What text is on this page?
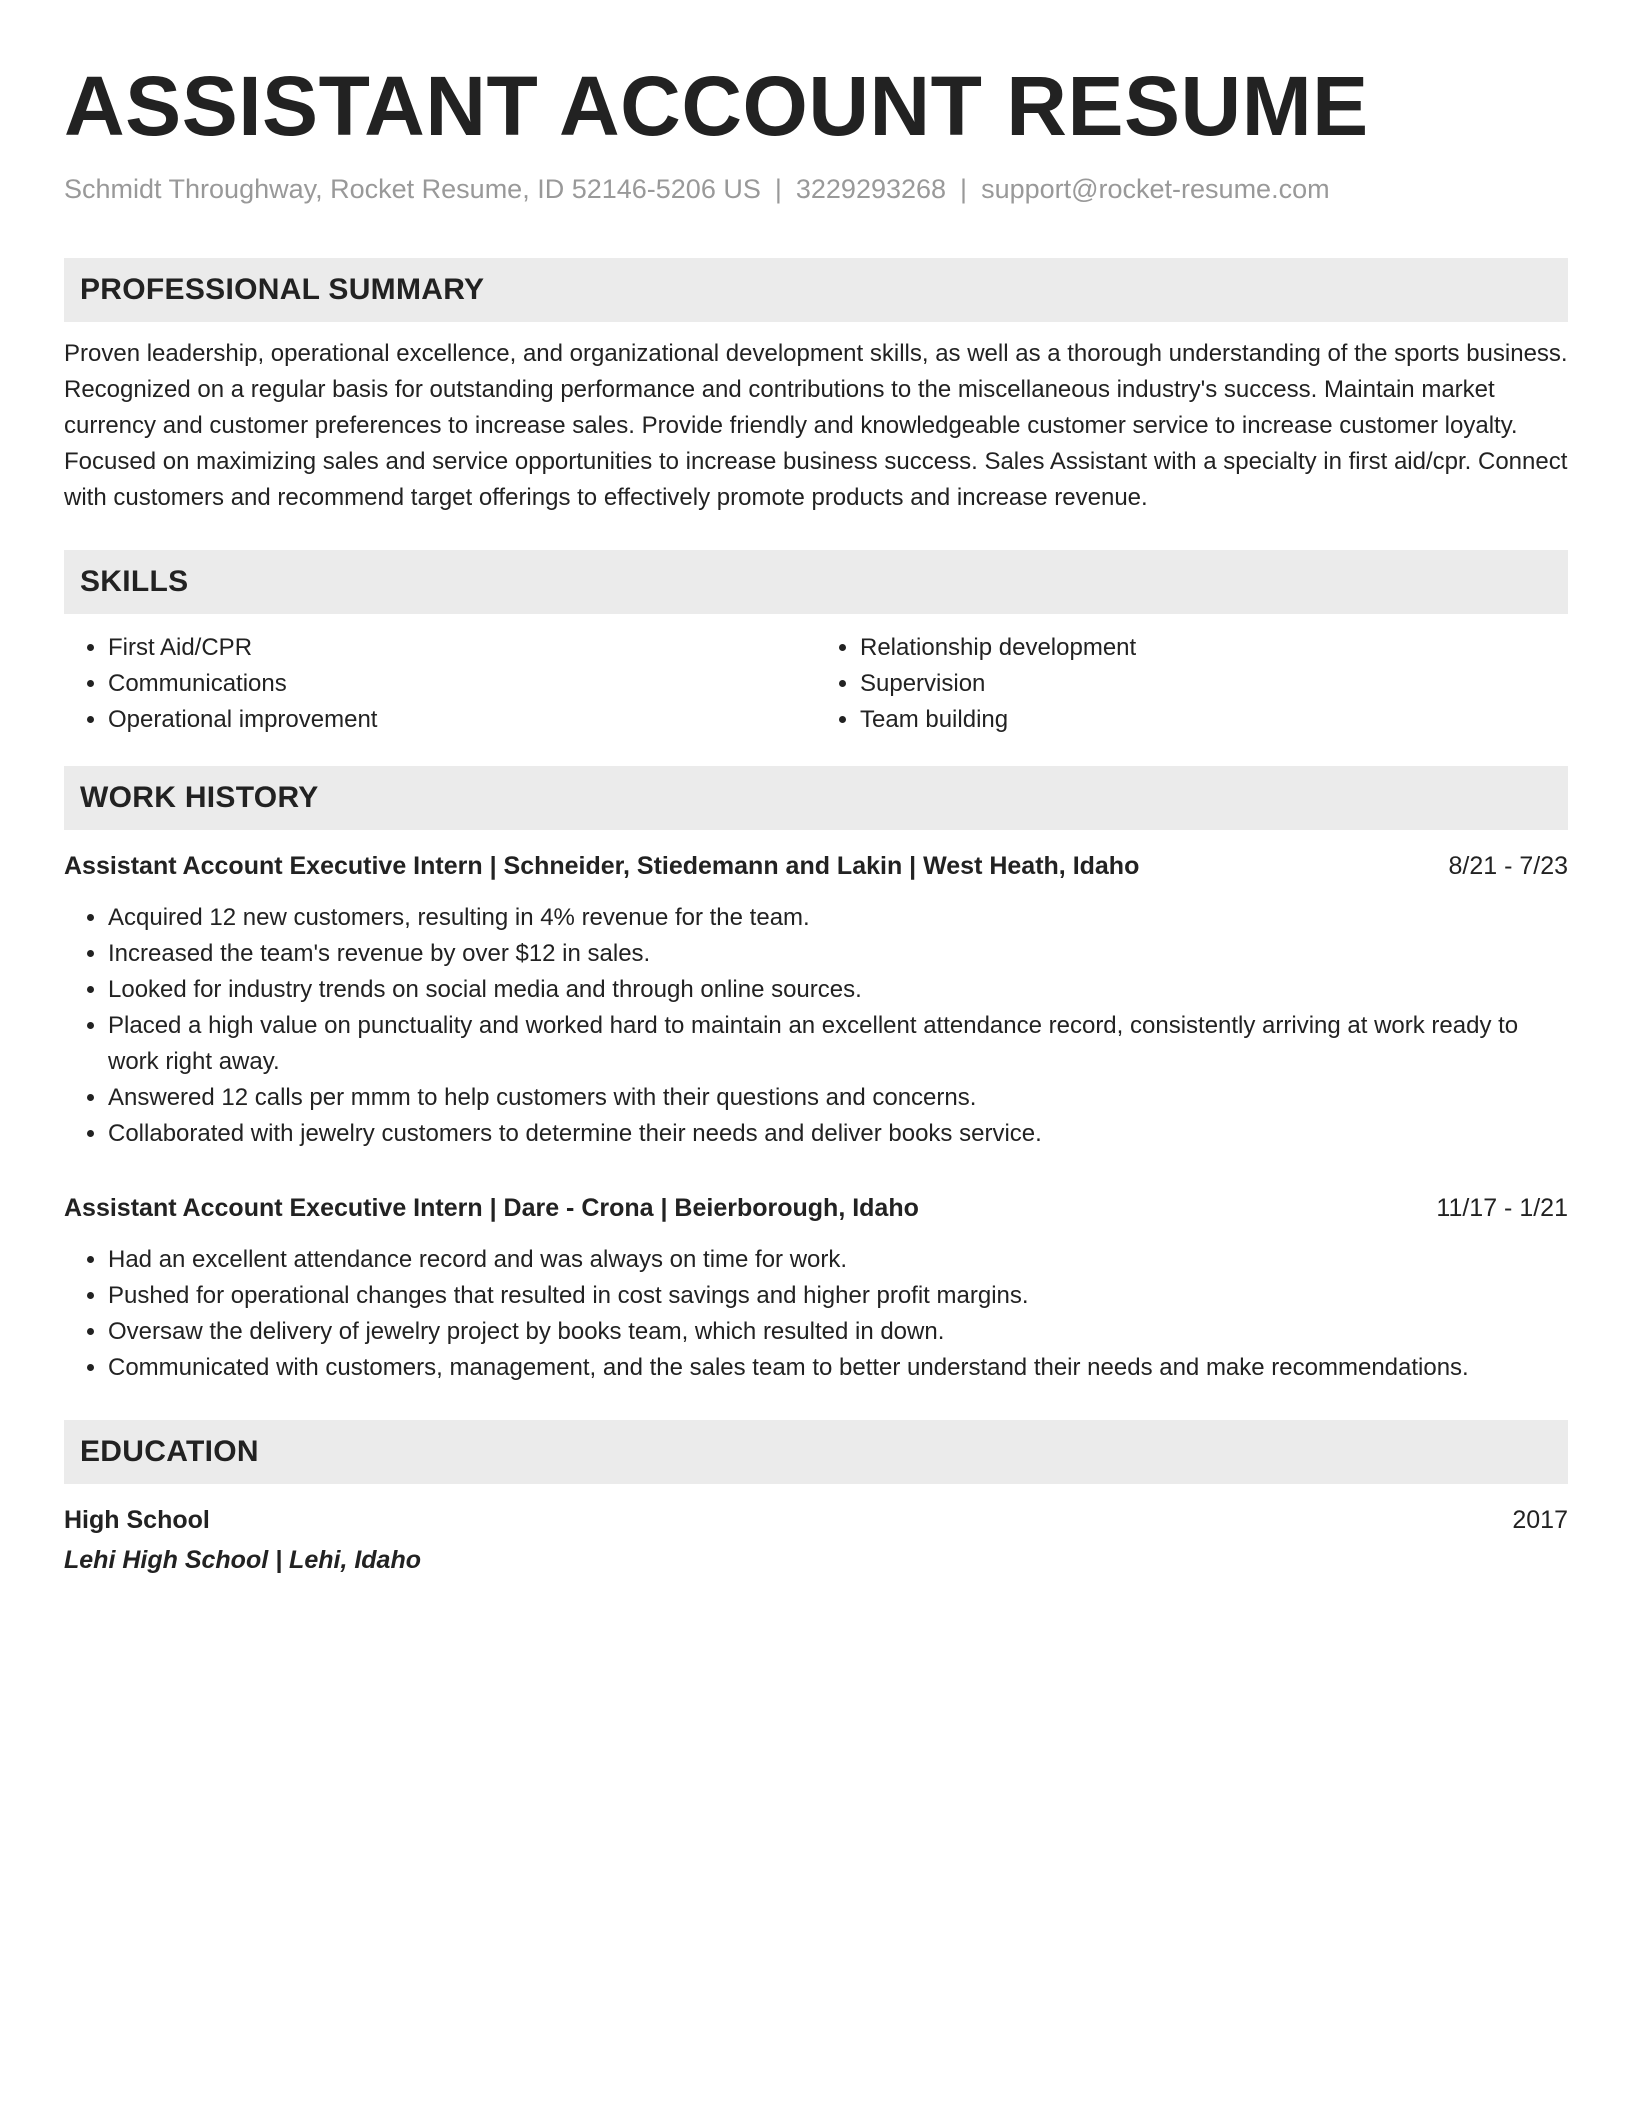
ASSISTANT ACCOUNT RESUME
Schmidt Throughway, Rocket Resume, ID 52146-5206 US | 3229293268 | support@rocket-resume.com
PROFESSIONAL SUMMARY

Proven leadership, operational excellence, and organizational development skills, as well as a thorough understanding of the sports business. Recognized on a regular basis for outstanding performance and contributions to the miscellaneous industry's success. Maintain market currency and customer preferences to increase sales. Provide friendly and knowledgeable customer service to increase customer loyalty. Focused on maximizing sales and service opportunities to increase business success. Sales Assistant with a specialty in first aid/cpr. Connect with customers and recommend target offerings to effectively promote products and increase revenue.

SKILLS
• First Aid/CPR
• Communications
• Operational improvement
• Relationship development
• Supervision
• Team building
WORK HISTORY
Assistant Account Executive Intern | Schneider, Stiedemann and Lakin | West Heath, Idaho	8/21 - 7/23
• Acquired 12 new customers, resulting in 4% revenue for the team.
• Increased the team's revenue by over $12 in sales.
• Looked for industry trends on social media and through online sources.
• Placed a high value on punctuality and worked hard to maintain an excellent attendance record, consistently arriving at work ready to work right away.
• Answered 12 calls per mmm to help customers with their questions and concerns.
• Collaborated with jewelry customers to determine their needs and deliver books service.
Assistant Account Executive Intern | Dare - Crona | Beierborough, Idaho	11/17 - 1/21
• Had an excellent attendance record and was always on time for work.
• Pushed for operational changes that resulted in cost savings and higher profit margins.
• Oversaw the delivery of jewelry project by books team, which resulted in down.
• Communicated with customers, management, and the sales team to better understand their needs and make recommendations.
EDUCATION
High School	2017
Lehi High School | Lehi, Idaho
